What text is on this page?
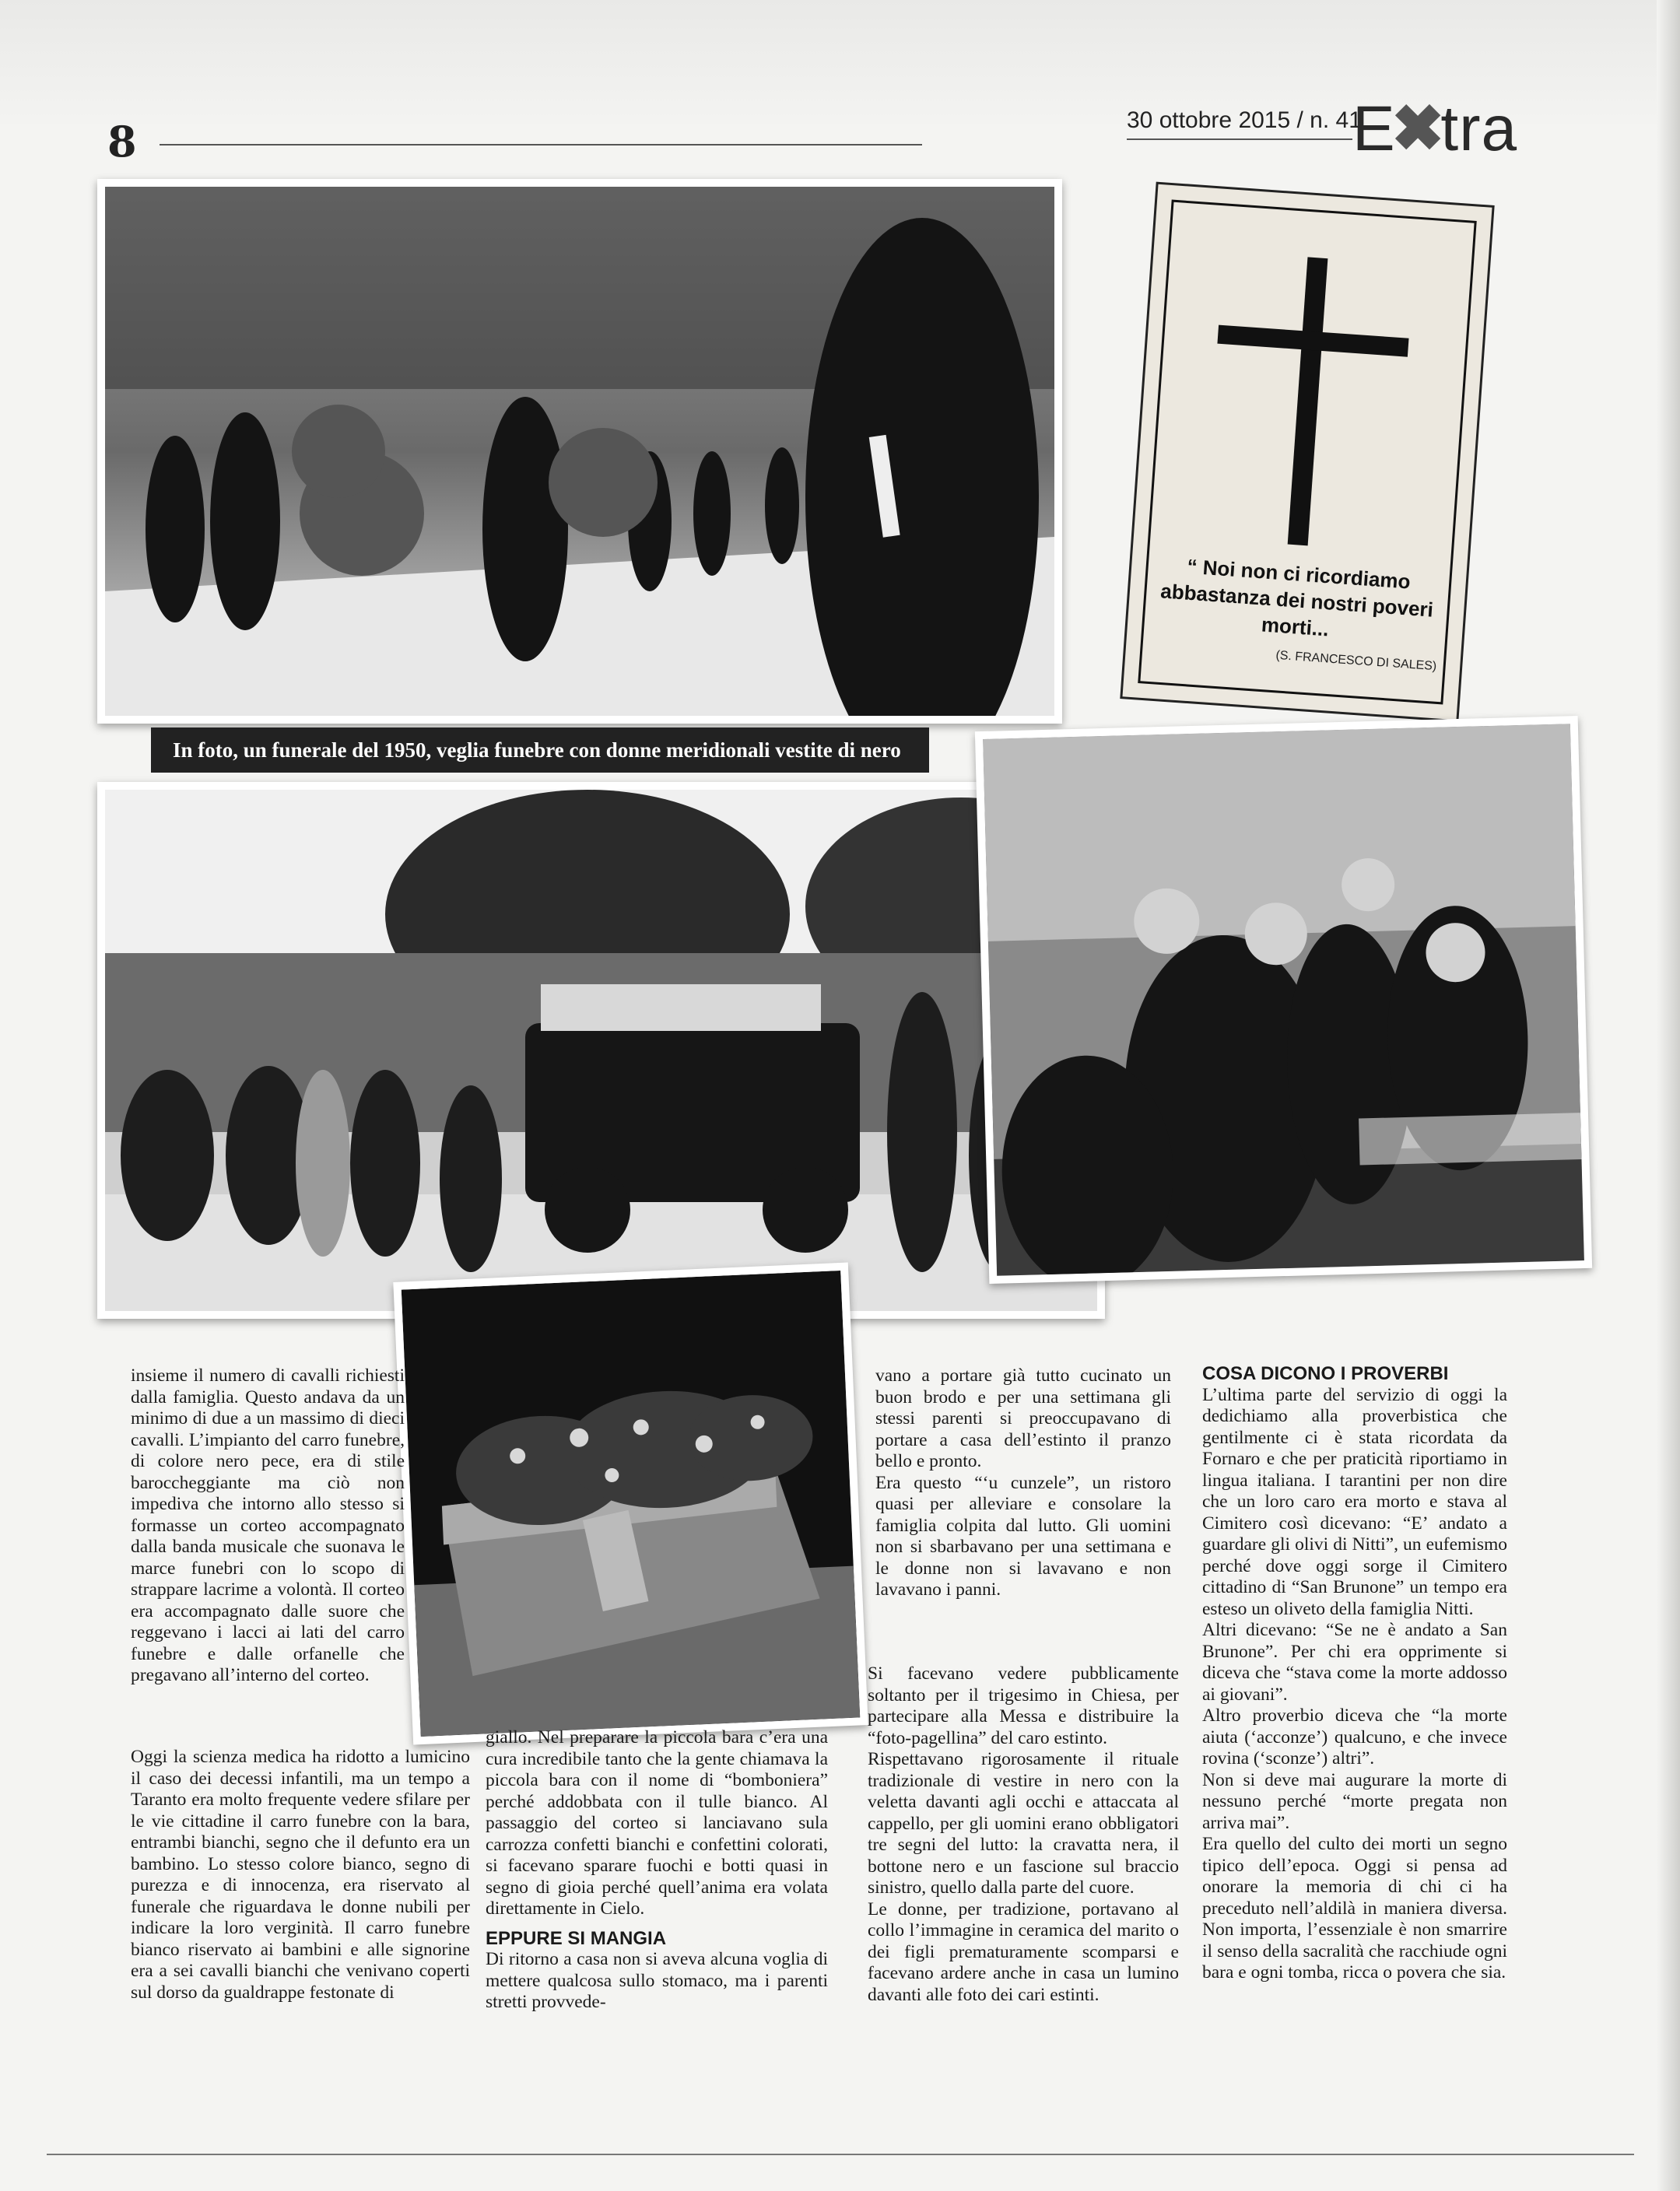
8	30 ottobre 2015 / n. 41
E✖tra
In foto, un funerale del 1950, veglia funebre con donne meridionali vestite di nero
“ Noi non ci ricordiamo abbastanza dei nostri poveri morti...
(S. FRANCESCO DI SALES)

insieme il numero di cavalli richiesti dalla famiglia. Questo andava da un minimo di due a un massimo di dieci cavalli. L’impianto del carro funebre, di colore nero pece, era di stile baroccheggiante ma ciò non impediva che intorno allo stesso si formasse un corteo accompagnato dalla banda musicale che suonava le marce funebri con lo scopo di strappare lacrime a volontà. Il corteo era accompagnato dalle suore che reggevano i lacci ai lati del carro funebre e dalle orfanelle che pregavano all’interno del corteo.

Oggi la scienza medica ha ridotto a lumicino il caso dei decessi infantili, ma un tempo a Taranto era molto frequente vedere sfilare per le vie cittadine il carro funebre con la bara, entrambi bianchi, segno che il defunto era un bambino. Lo stesso colore bianco, segno di purezza e di innocenza, era riservato al funerale che riguardava le donne nubili per indicare la loro verginità. Il carro funebre bianco riservato ai bambini e alle signorine era a sei cavalli bianchi che venivano coperti sul dorso da gualdrappe festonate di

giallo. Nel preparare la piccola bara c’era una cura incredibile tanto che la gente chiamava la piccola bara con il nome di “bomboniera” perché addobbata con il tulle bianco. Al passaggio del corteo si lanciavano sula carrozza confetti bianchi e confettini colorati, si facevano sparare fuochi e botti quasi in segno di gioia perché quell’anima era volata direttamente in Cielo.

EPPURE SI MANGIA

Di ritorno a casa non si aveva alcuna voglia di mettere qualcosa sullo stomaco, ma i parenti stretti provvede-

vano a portare già tutto cucinato un buon brodo e per una settimana gli stessi parenti si preoccupavano di portare a casa dell’estinto il pranzo bello e pronto.

Era questo “‘u cunzele”, un ristoro quasi per alleviare e consolare la famiglia colpita dal lutto. Gli uomini non si sbarbavano per una settimana e le donne non si lavavano e non lavavano i panni.

Si facevano vedere pubblicamente soltanto per il trigesimo in Chiesa, per partecipare alla Messa e distribuire la “foto-pagellina” del caro estinto.

Rispettavano rigorosamente il rituale tradizionale di vestire in nero con la veletta davanti agli occhi e attaccata al cappello, per gli uomini erano obbligatori tre segni del lutto: la cravatta nera, il bottone nero e un fascione sul braccio sinistro, quello dalla parte del cuore.

Le donne, per tradizione, portavano al collo l’immagine in ceramica del marito o dei figli prematuramente scomparsi e facevano ardere anche in casa un lumino davanti alle foto dei cari estinti.

COSA DICONO I PROVERBI

L’ultima parte del servizio di oggi la dedichiamo alla proverbistica che gentilmente ci è stata ricordata da Fornaro e che per praticità riportiamo in lingua italiana. I tarantini per non dire che un loro caro era morto e stava al Cimitero così dicevano: “E’ andato a guardare gli olivi di Nitti”, un eufemismo perché dove oggi sorge il Cimitero cittadino di “San Brunone” un tempo era esteso un oliveto della famiglia Nitti.

Altri dicevano: “Se ne è andato a San Brunone”. Per chi era opprimente si diceva che “stava come la morte addosso ai giovani”.

Altro proverbio diceva che “la morte aiuta (‘acconze’) qualcuno, e che invece rovina (‘sconze’) altri”.

Non si deve mai augurare la morte di nessuno perché “morte pregata non arriva mai”.

Era quello del culto dei morti un segno tipico dell’epoca. Oggi si pensa ad onorare la memoria di chi ci ha preceduto nell’aldilà in maniera diversa. Non importa, l’essenziale è non smarrire il senso della sacralità che racchiude ogni bara e ogni tomba, ricca o povera che sia.
